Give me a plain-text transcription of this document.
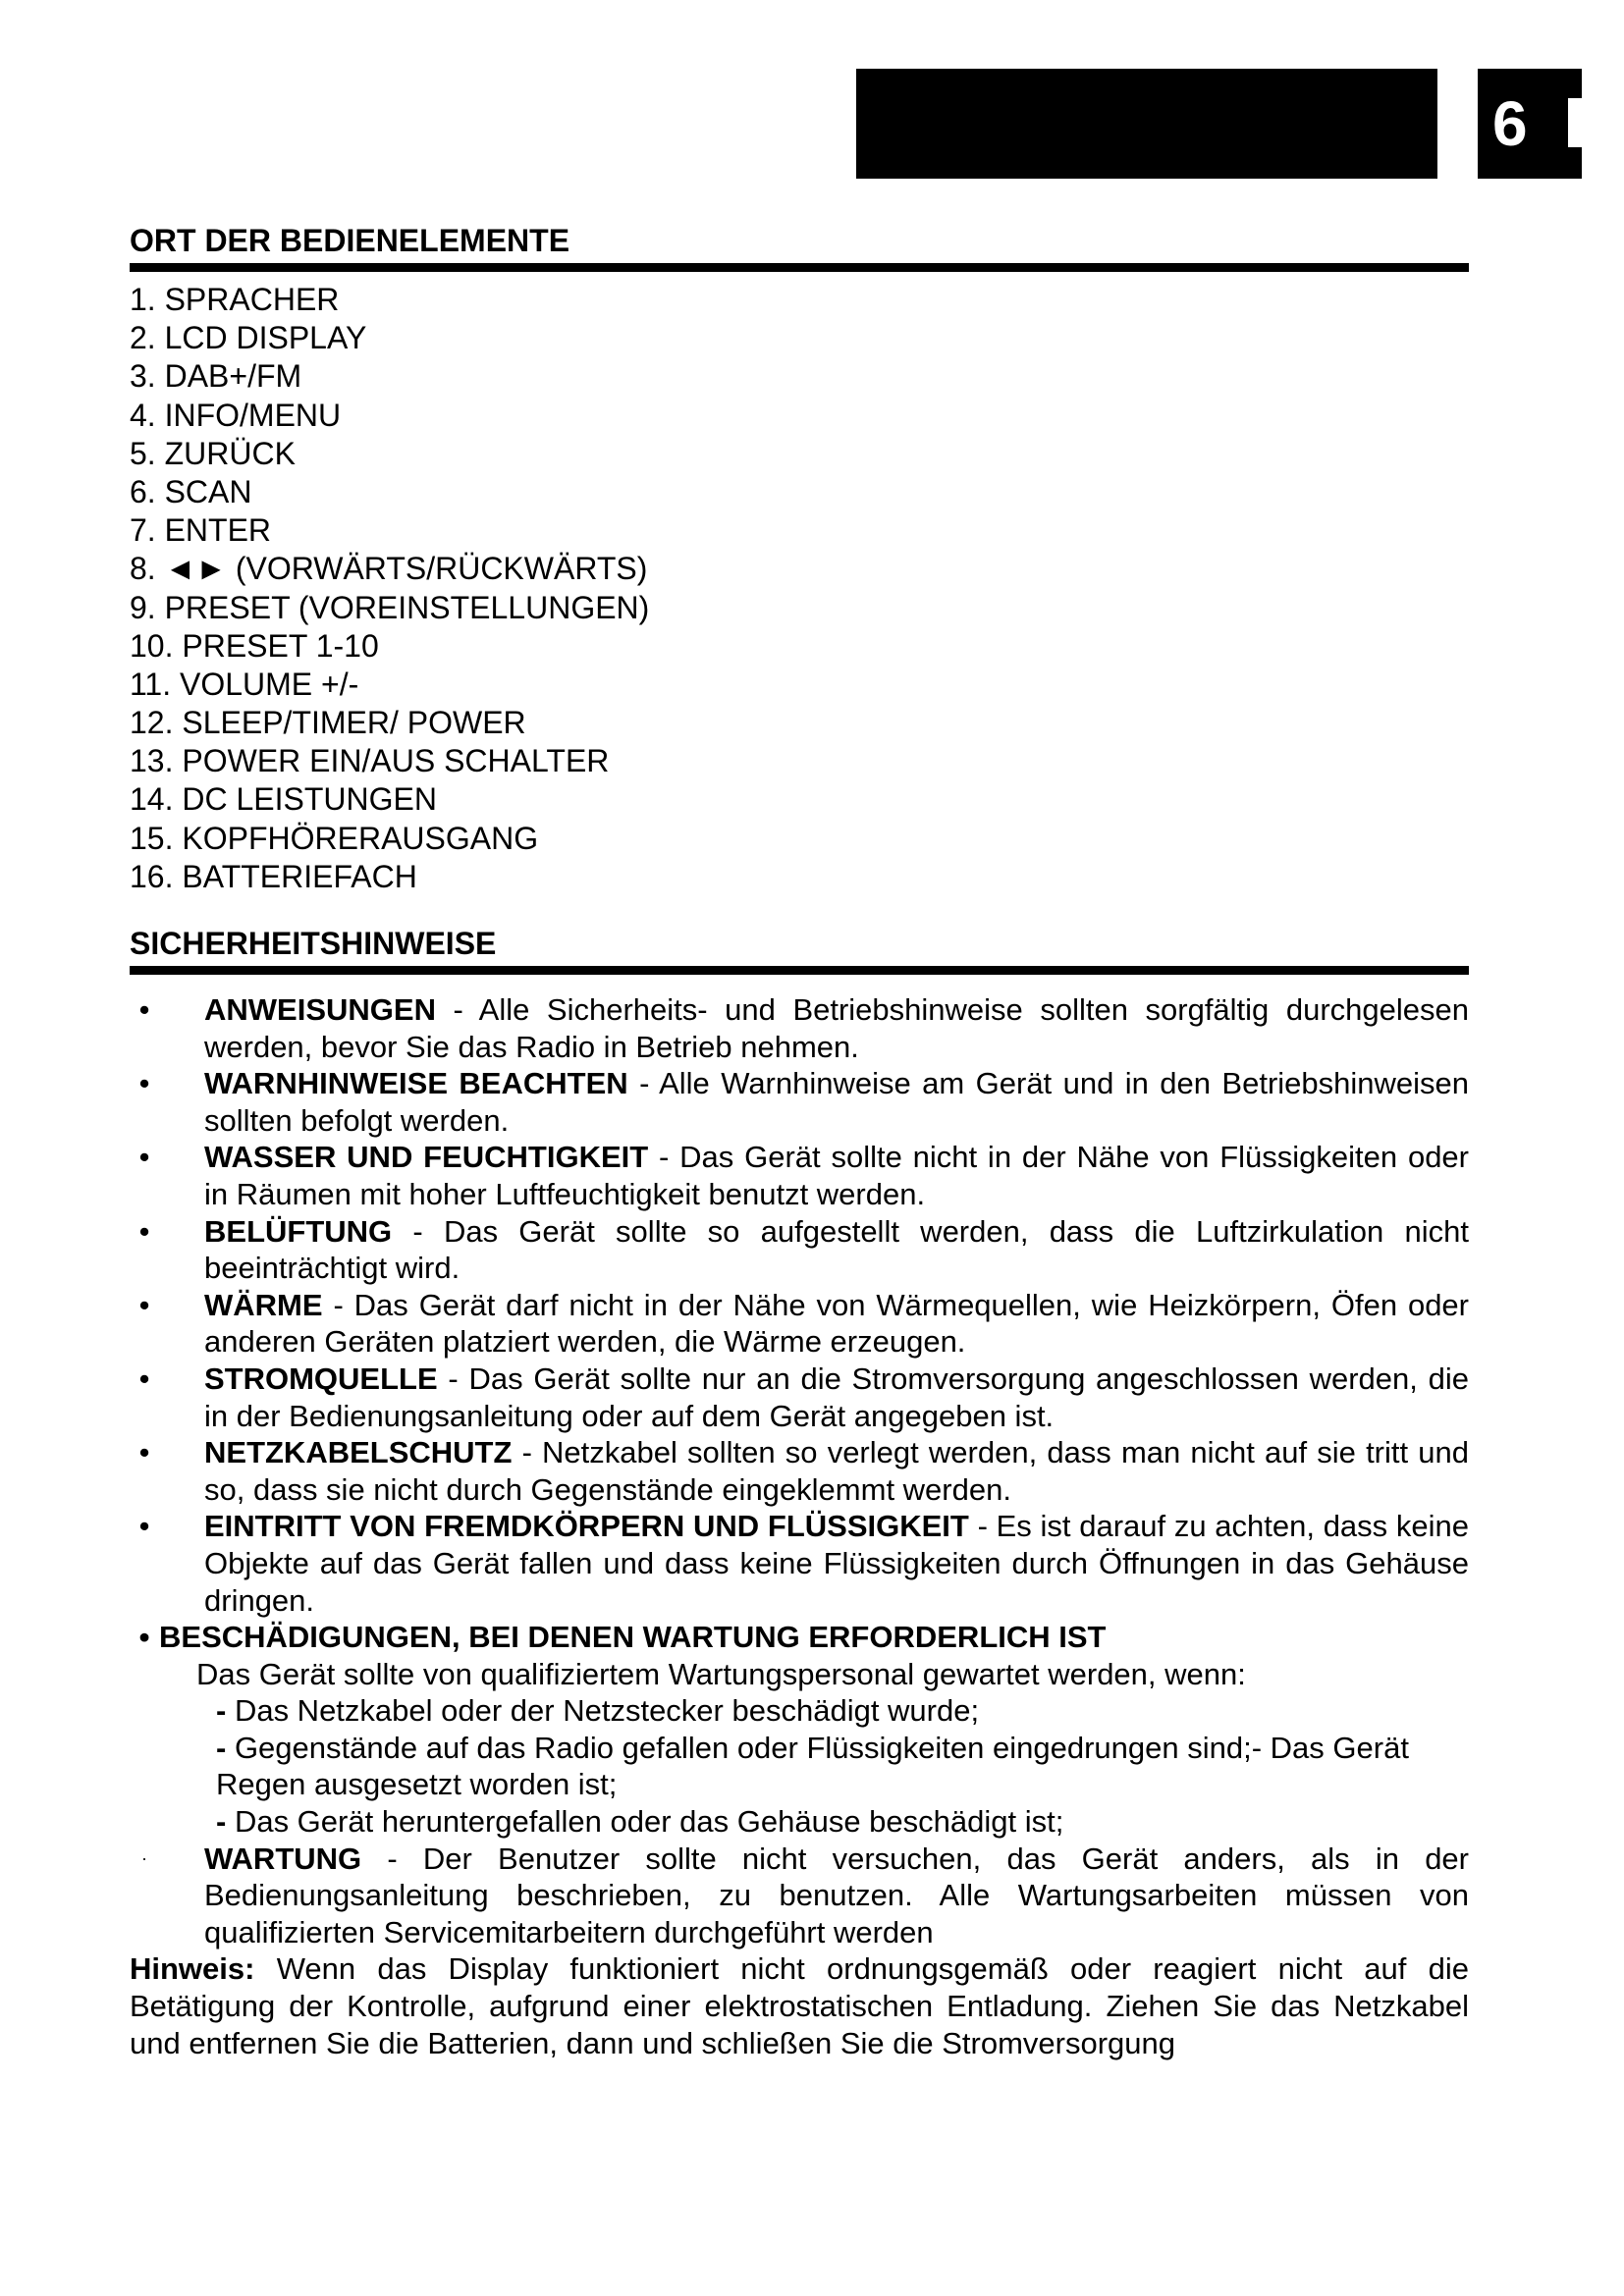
6
ORT DER BEDIENELEMENTE
1. SPRACHER
2. LCD DISPLAY
3. DAB+/FM
4. INFO/MENU
5. ZURÜCK
6. SCAN
7. ENTER
8. ◄► (VORWÄRTS/RÜCKWÄRTS)
9. PRESET (VOREINSTELLUNGEN)
10. PRESET 1-10
11. VOLUME +/-
12. SLEEP/TIMER/ POWER
13. POWER EIN/AUS SCHALTER
14. DC LEISTUNGEN
15. KOPFHÖRERAUSGANG
16. BATTERIEFACH
SICHERHEITSHINWEISE
•	ANWEISUNGEN - Alle Sicherheits- und Betriebshinweise sollten sorgfältig durchgelesen werden, bevor Sie das Radio in Betrieb nehmen.
•	WARNHINWEISE BEACHTEN - Alle Warnhinweise am Gerät und in den Betriebshinweisen sollten befolgt werden.
•	WASSER UND FEUCHTIGKEIT - Das Gerät sollte nicht in der Nähe von Flüssigkeiten oder in Räumen mit hoher Luftfeuchtigkeit benutzt werden.
•	BELÜFTUNG - Das Gerät sollte so aufgestellt werden, dass die Luftzirkulation nicht beeinträchtigt wird.
•	WÄRME - Das Gerät darf nicht in der Nähe von Wärmequellen, wie Heizkörpern, Öfen oder anderen Geräten platziert werden, die Wärme erzeugen.
•	STROMQUELLE - Das Gerät sollte nur an die Stromversorgung angeschlossen werden, die in der Bedienungsanleitung oder auf dem Gerät angegeben ist.
•	NETZKABELSCHUTZ - Netzkabel sollten so verlegt werden, dass man nicht auf sie tritt und so, dass sie nicht durch Gegenstände eingeklemmt werden.
•	EINTRITT VON FREMDKÖRPERN UND FLÜSSIGKEIT - Es ist darauf zu achten, dass keine Objekte auf das Gerät fallen und dass keine Flüssigkeiten durch Öffnungen in das Gehäuse dringen.
• BESCHÄDIGUNGEN, BEI DENEN WARTUNG ERFORDERLICH IST
Das Gerät sollte von qualifiziertem Wartungspersonal gewartet werden, wenn:
- Das Netzkabel oder der Netzstecker beschädigt wurde;
- Gegenstände auf das Radio gefallen oder Flüssigkeiten eingedrungen sind;- Das Gerät Regen ausgesetzt worden ist;
- Das Gerät heruntergefallen oder das Gehäuse beschädigt ist;
·	WARTUNG - Der Benutzer sollte nicht versuchen, das Gerät anders, als in der Bedienungsanleitung beschrieben, zu benutzen. Alle Wartungsarbeiten müssen von qualifizierten Servicemitarbeitern durchgeführt werden
Hinweis: Wenn das Display funktioniert nicht ordnungsgemäß oder reagiert nicht auf die Betätigung der Kontrolle, aufgrund einer elektrostatischen Entladung. Ziehen Sie das Netzkabel und entfernen Sie die Batterien, dann und schließen Sie die Stromversorgung
